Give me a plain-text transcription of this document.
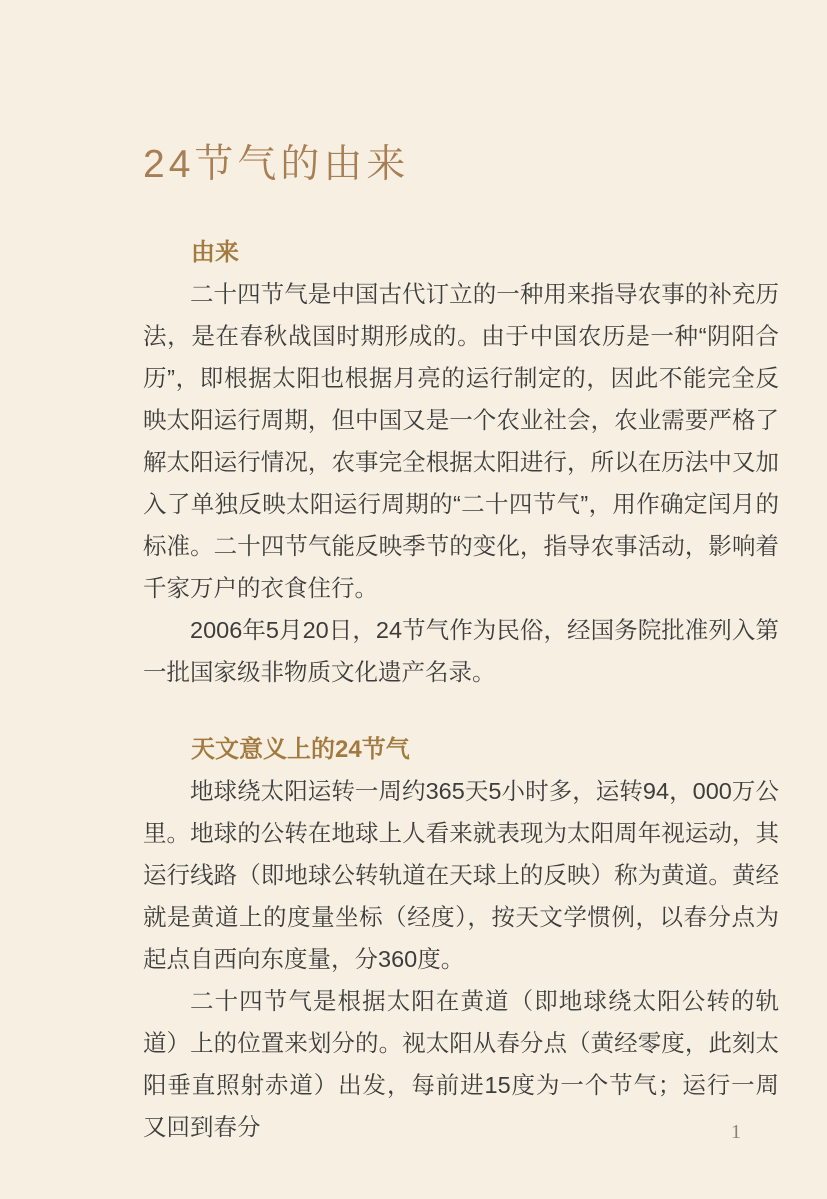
24节气的由来
由来

二十四节气是中国古代订立的一种用来指导农事的补充历法，是在春秋战国时期形成的。由于中国农历是一种“阴阳合历”，即根据太阳也根据月亮的运行制定的，因此不能完全反映太阳运行周期，但中国又是一个农业社会，农业需要严格了解太阳运行情况，农事完全根据太阳进行，所以在历法中又加入了单独反映太阳运行周期的“二十四节气”，用作确定闰月的标准。二十四节气能反映季节的变化，指导农事活动，影响着千家万户的衣食住行。

2006年5月20日，24节气作为民俗，经国务院批准列入第一批国家级非物质文化遗产名录。

天文意义上的24节气

地球绕太阳运转一周约365天5小时多，运转94，000万公里。地球的公转在地球上人看来就表现为太阳周年视运动，其运行线路（即地球公转轨道在天球上的反映）称为黄道。黄经就是黄道上的度量坐标（经度），按天文学惯例，以春分点为起点自西向东度量，分360度。

二十四节气是根据太阳在黄道（即地球绕太阳公转的轨道）上的位置来划分的。视太阳从春分点（黄经零度，此刻太阳垂直照射赤道）出发，每前进15度为一个节气；运行一周又回到春分	1
